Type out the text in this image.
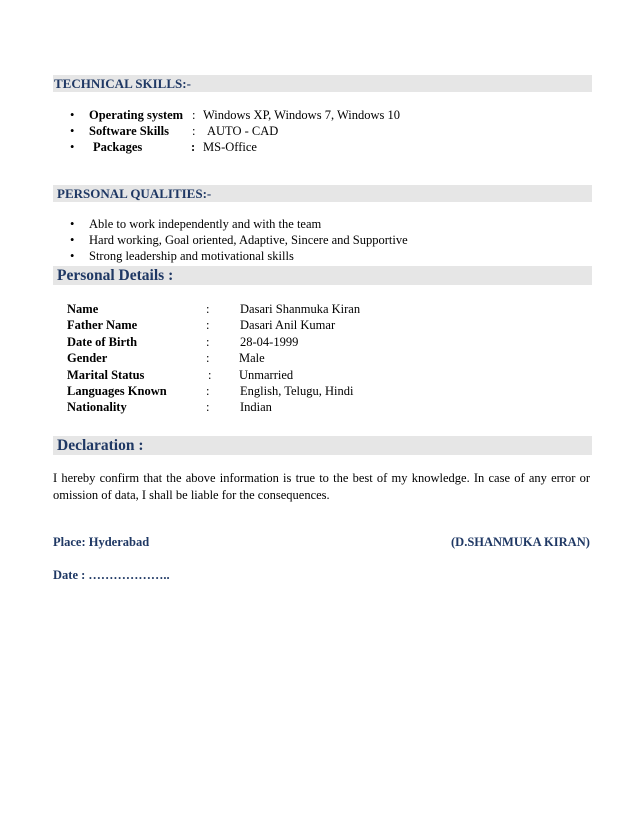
TECHNICAL SKILLS:-
• Operating system : Windows XP, Windows 7, Windows 10
• Software Skills : AUTO - CAD
• Packages	: MS-Office
PERSONAL QUALITIES:-
• Able to work independently and with the team
• Hard working, Goal oriented, Adaptive, Sincere and Supportive
• Strong leadership and motivational skills
Personal Details :
Name	: Dasari Shanmuka Kiran
Father Name	: Dasari Anil Kumar
Date of Birth	: 28-04-1999
Gender	: Male
Marital Status	: Unmarried
Languages Known	: English, Telugu, Hindi
Nationality	: Indian
Declaration :

I hereby confirm that the above information is true to the best of my knowledge. In case of any error or omission of data, I shall be liable for the consequences.

Place: Hyderabad	(D.SHANMUKA KIRAN)
Date : ………………..
